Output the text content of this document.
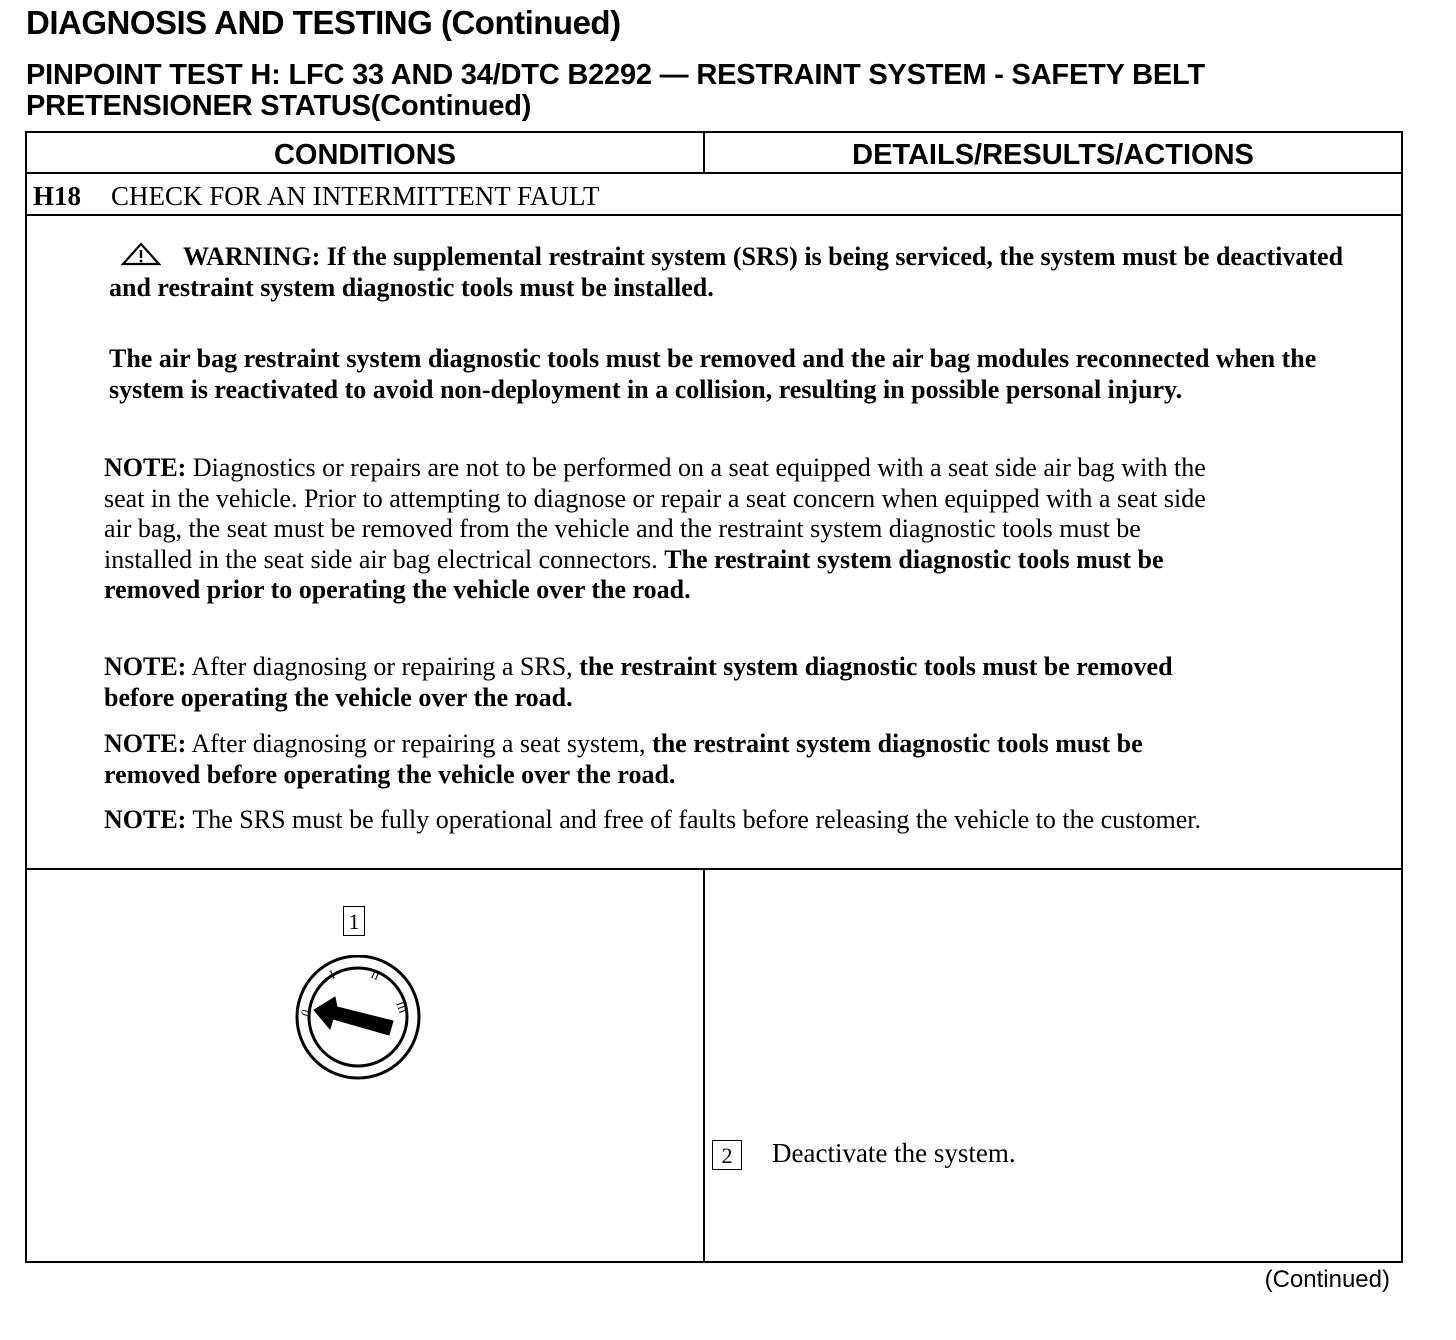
DIAGNOSIS AND TESTING (Continued)
PINPOINT TEST H: LFC 33 AND 34/DTC B2292 — RESTRAINT SYSTEM - SAFETY BELT
PRETENSIONER STATUS(Continued)
CONDITIONS	DETAILS/RESULTS/ACTIONS
H18 CHECK FOR AN INTERMITTENT FAULT

WARNING: If the supplemental restraint system (SRS) is being serviced, the system must be deactivated and restraint system diagnostic tools must be installed.

The air bag restraint system diagnostic tools must be removed and the air bag modules reconnected when the system is reactivated to avoid non-deployment in a collision, resulting in possible personal injury.

NOTE: Diagnostics or repairs are not to be performed on a seat equipped with a seat side air bag with the seat in the vehicle. Prior to attempting to diagnose or repair a seat concern when equipped with a seat side air bag, the seat must be removed from the vehicle and the restraint system diagnostic tools must be installed in the seat side air bag electrical connectors. The restraint system diagnostic tools must be removed prior to operating the vehicle over the road.
NOTE: After diagnosing or repairing a SRS, the restraint system diagnostic tools must be removed before operating the vehicle over the road.
NOTE: After diagnosing or repairing a seat system, the restraint system diagnostic tools must be removed before operating the vehicle over the road.
NOTE: The SRS must be fully operational and free of faults before releasing the vehicle to the customer.
1
0
I	II
III
2	Deactivate the system.
(Continued)
